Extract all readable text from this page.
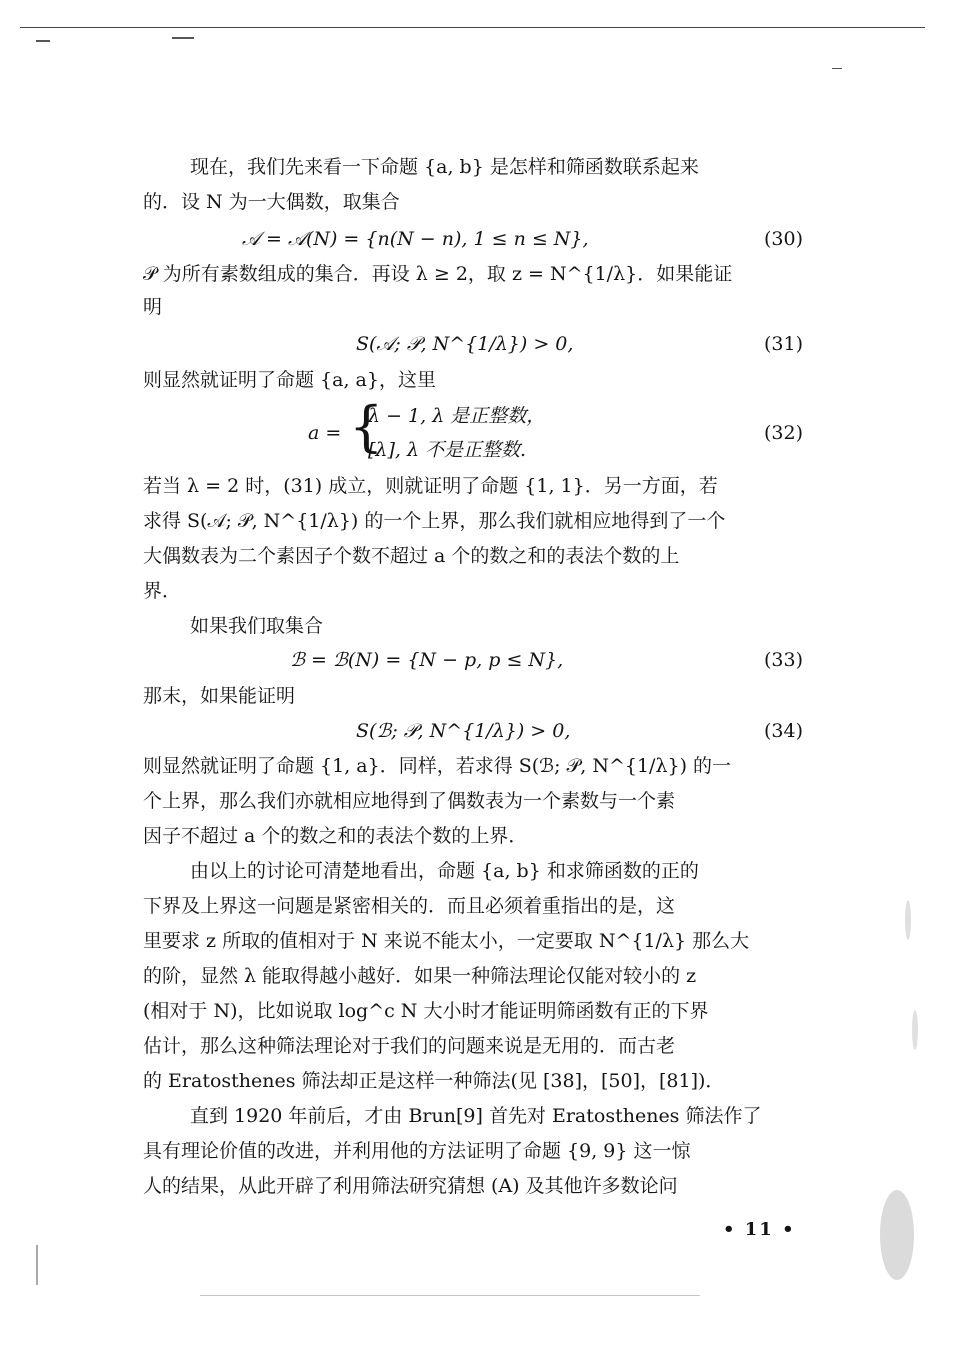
现在，我们先来看一下命题 {a, b} 是怎样和筛函数联系起来
的．设 N 为一大偶数，取集合
𝒜 = 𝒜(N) = {n(N − n), 1 ≤ n ≤ N},	(30)
𝒫 为所有素数组成的集合．再设 λ ≥ 2，取 z = N^{1/λ}．如果能证
明
S(𝒜; 𝒫, N^{1/λ}) > 0,	(31)
则显然就证明了命题 {a, a}，这里
a = {
λ − 1, λ 是正整数，
[λ], λ 不是正整数.
(32)
若当 λ = 2 时，(31) 成立，则就证明了命题 {1, 1}．另一方面，若
求得 S(𝒜; 𝒫, N^{1/λ}) 的一个上界，那么我们就相应地得到了一个
大偶数表为二个素因子个数不超过 a 个的数之和的表法个数的上
界．
如果我们取集合
ℬ = ℬ(N) = {N − p, p ≤ N},	(33)
那末，如果能证明
S(ℬ; 𝒫, N^{1/λ}) > 0,	(34)
则显然就证明了命题 {1, a}．同样，若求得 S(ℬ; 𝒫, N^{1/λ}) 的一
个上界，那么我们亦就相应地得到了偶数表为一个素数与一个素
因子不超过 a 个的数之和的表法个数的上界．
由以上的讨论可清楚地看出，命题 {a, b} 和求筛函数的正的
下界及上界这一问题是紧密相关的．而且必须着重指出的是，这
里要求 z 所取的值相对于 N 来说不能太小，一定要取 N^{1/λ} 那么大
的阶，显然 λ 能取得越小越好．如果一种筛法理论仅能对较小的 z
(相对于 N)，比如说取 log^c N 大小时才能证明筛函数有正的下界
估计，那么这种筛法理论对于我们的问题来说是无用的．而古老
的 Eratosthenes 筛法却正是这样一种筛法(见 [38]，[50]，[81])．
直到 1920 年前后，才由 Brun[9] 首先对 Eratosthenes 筛法作了
具有理论价值的改进，并利用他的方法证明了命题 {9, 9} 这一惊
人的结果，从此开辟了利用筛法研究猜想 (A) 及其他许多数论问
• 11 •
